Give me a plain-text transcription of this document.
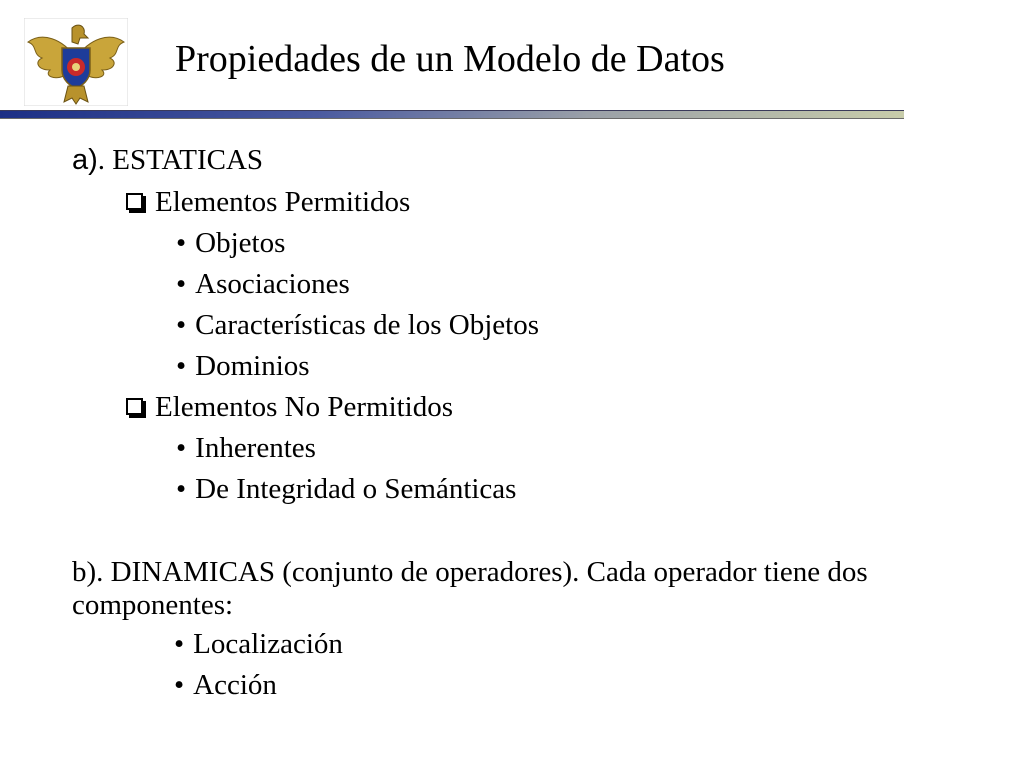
Propiedades de un Modelo de Datos
a). ESTATICAS
Elementos Permitidos
• Objetos
• Asociaciones
• Características de los Objetos
• Dominios
Elementos No Permitidos
• Inherentes
• De Integridad o Semánticas
b). DINAMICAS (conjunto de operadores). Cada operador tiene dos componentes:
• Localización
• Acción
